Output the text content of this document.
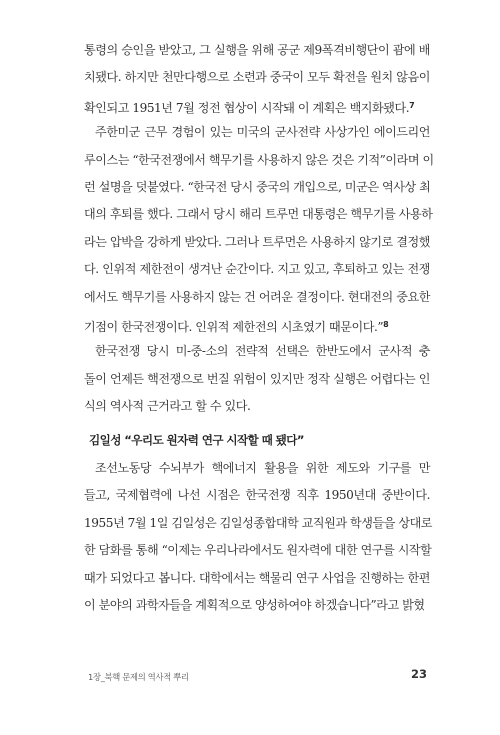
통령의 승인을 받았고, 그 실행을 위해 공군 제9폭격비행단이 괌에 배
치됐다. 하지만 천만다행으로 소련과 중국이 모두 확전을 원치 않음이
확인되고 1951년 7월 정전 협상이 시작돼 이 계획은 백지화됐다.$^7$
주한미군 근무 경험이 있는 미국의 군사전략 사상가인 에이드리언
루이스는 “한국전쟁에서 핵무기를 사용하지 않은 것은 기적”이라며 이
런 설명을 덧붙였다. “한국전 당시 중국의 개입으로, 미군은 역사상 최
대의 후퇴를 했다. 그래서 당시 해리 트루먼 대통령은 핵무기를 사용하
라는 압박을 강하게 받았다. 그러나 트루먼은 사용하지 않기로 결정했
다. 인위적 제한전이 생겨난 순간이다. 지고 있고, 후퇴하고 있는 전쟁
에서도 핵무기를 사용하지 않는 건 어려운 결정이다. 현대전의 중요한
기점이 한국전쟁이다. 인위적 제한전의 시초였기 때문이다.”$^8$
한국전쟁 당시 미-중-소의 전략적 선택은 한반도에서 군사적 충
돌이 언제든 핵전쟁으로 번질 위험이 있지만 정작 실행은 어렵다는 인
식의 역사적 근거라고 할 수 있다.
김일성 “우리도 원자력 연구 시작할 때 됐다”
조선노동당 수뇌부가 핵에너지 활용을 위한 제도와 기구를 만
들고, 국제협력에 나선 시점은 한국전쟁 직후 1950년대 중반이다.
1955년 7월 1일 김일성은 김일성종합대학 교직원과 학생들을 상대로
한 담화를 통해 “이제는 우리나라에서도 원자력에 대한 연구를 시작할
때가 되었다고 봅니다. 대학에서는 핵물리 연구 사업을 진행하는 한편
이 분야의 과학자들을 계획적으로 양성하여야 하겠습니다”라고 밝혔
1장_북핵 문제의 역사적 뿌리	23
